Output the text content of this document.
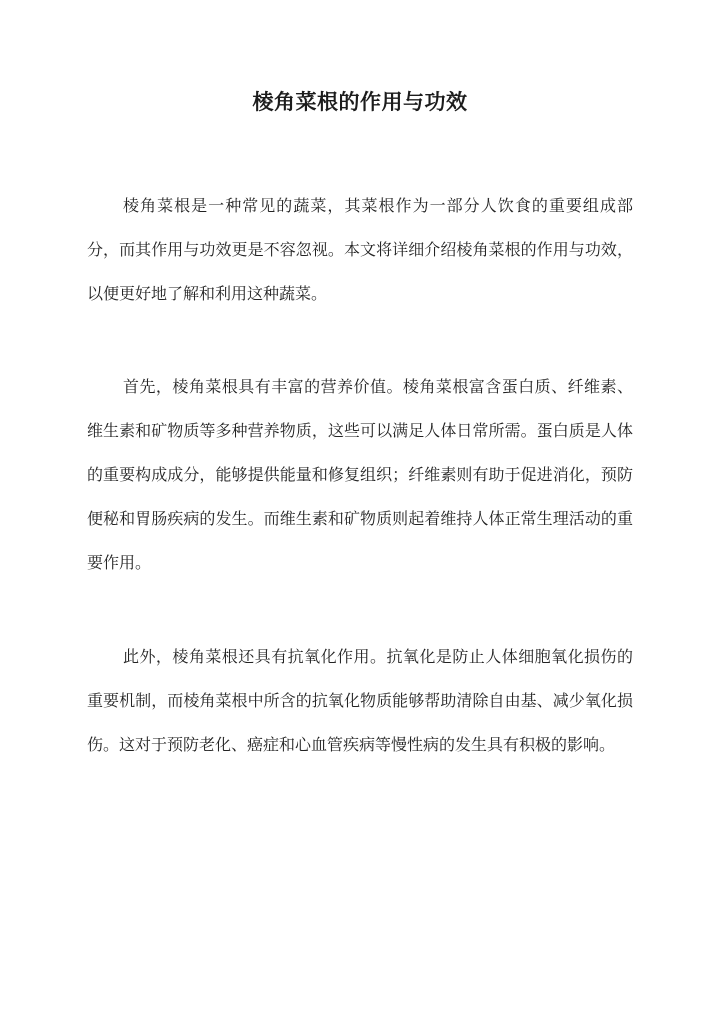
棱角菜根的作用与功效

棱角菜根是一种常见的蔬菜，其菜根作为一部分人饮食的重要组成部分，而其作用与功效更是不容忽视。本文将详细介绍棱角菜根的作用与功效，以便更好地了解和利用这种蔬菜。

首先，棱角菜根具有丰富的营养价值。棱角菜根富含蛋白质、纤维素、维生素和矿物质等多种营养物质，这些可以满足人体日常所需。蛋白质是人体的重要构成成分，能够提供能量和修复组织；纤维素则有助于促进消化，预防便秘和胃肠疾病的发生。而维生素和矿物质则起着维持人体正常生理活动的重要作用。

此外，棱角菜根还具有抗氧化作用。抗氧化是防止人体细胞氧化损伤的重要机制，而棱角菜根中所含的抗氧化物质能够帮助清除自由基、减少氧化损伤。这对于预防老化、癌症和心血管疾病等慢性病的发生具有积极的影响。
